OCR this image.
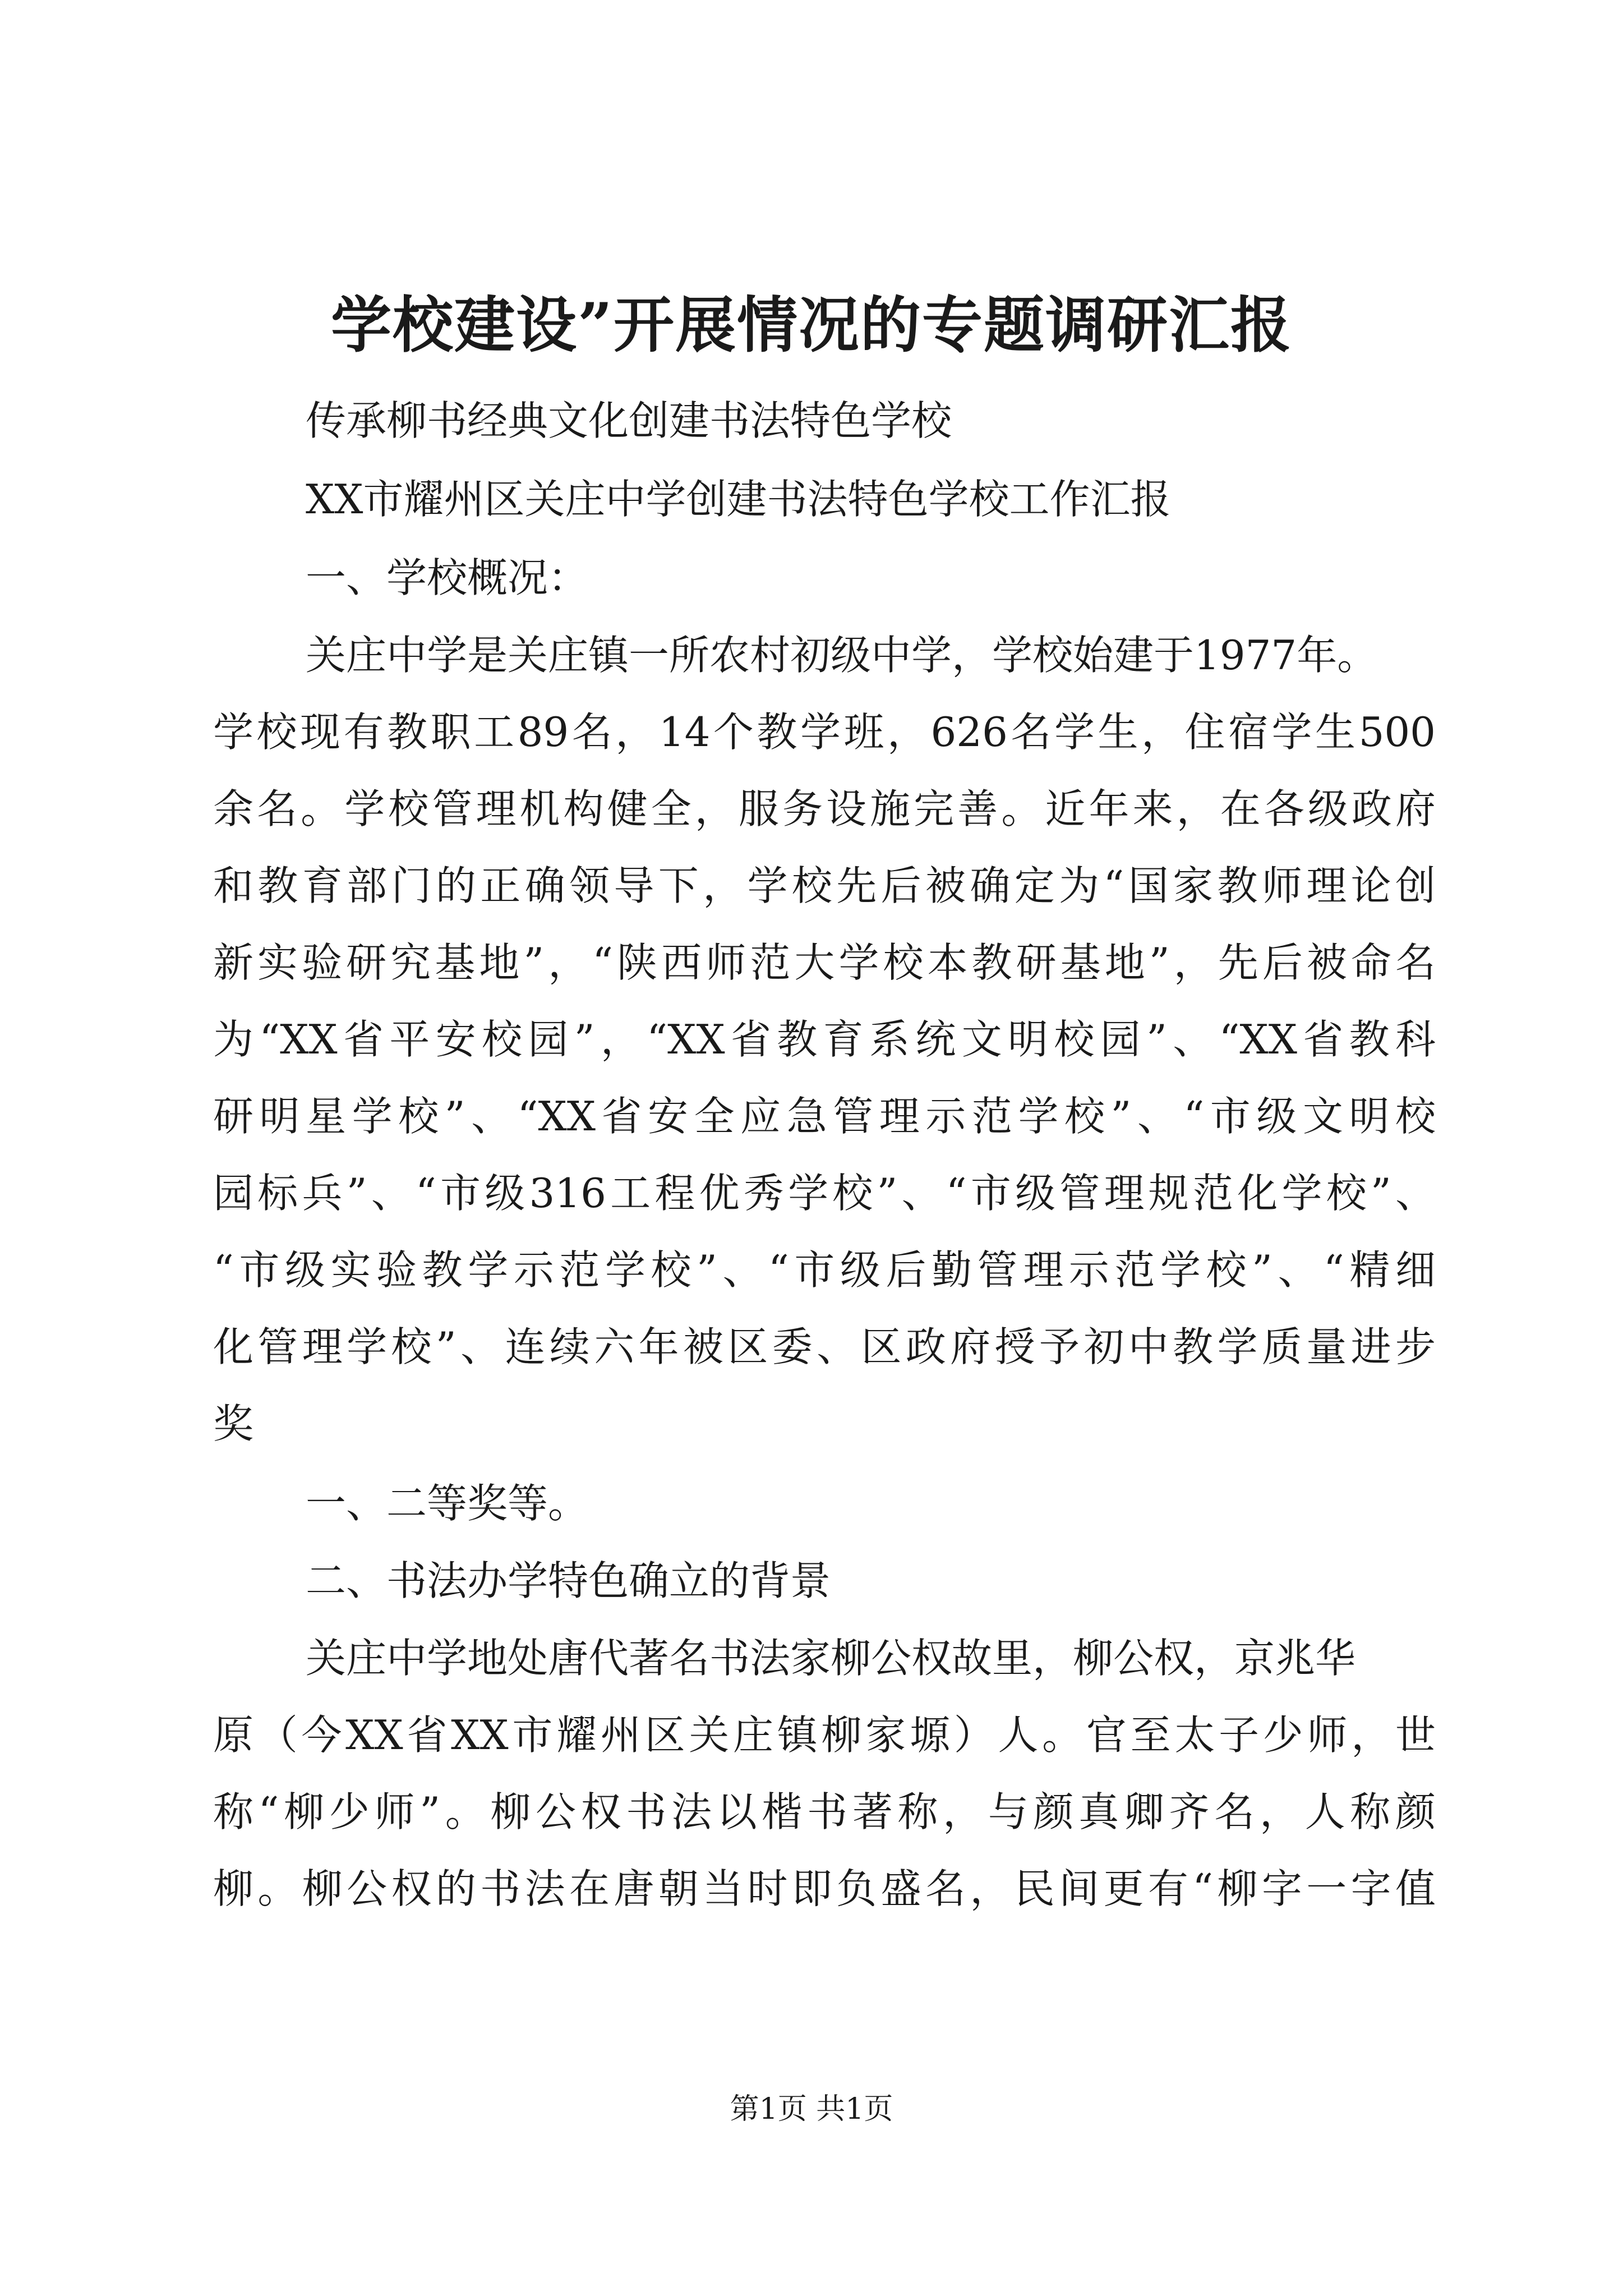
学校建设”开展情况的专题调研汇报
传承柳书经典文化创建书法特色学校
XX市耀州区关庄中学创建书法特色学校工作汇报
一、学校概况：
关庄中学是关庄镇一所农村初级中学，学校始建于1977年。
学校现有教职工89名，14个教学班，626名学生，住宿学生500
余名。学校管理机构健全，服务设施完善。近年来，在各级政府
和教育部门的正确领导下，学校先后被确定为“国家教师理论创
新实验研究基地”，“陕西师范大学校本教研基地”，先后被命名
为“XX省平安校园”，“XX省教育系统文明校园”、“XX省教科
研明星学校”、“XX省安全应急管理示范学校”、“市级文明校
园标兵”、“市级316工程优秀学校”、“市级管理规范化学校”、
“市级实验教学示范学校”、“市级后勤管理示范学校”、“精细
化管理学校”、连续六年被区委、区政府授予初中教学质量进步
奖
一、二等奖等。
二、书法办学特色确立的背景
关庄中学地处唐代著名书法家柳公权故里，柳公权，京兆华
原（今XX省XX市耀州区关庄镇柳家塬）人。官至太子少师，世
称“柳少师”。柳公权书法以楷书著称，与颜真卿齐名，人称颜
柳。柳公权的书法在唐朝当时即负盛名，民间更有“柳字一字值
第1页 共1页
